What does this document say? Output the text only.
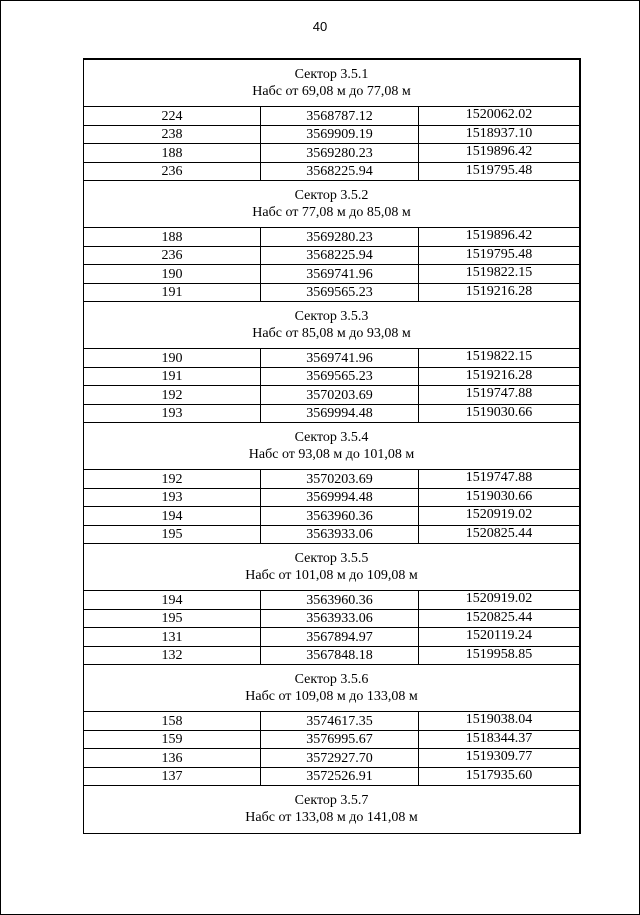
40
Сектор 3.5.1
Набс от 69,08 м до 77,08 м
224	3568787.12	1520062.02
238	3569909.19	1518937.10
188	3569280.23	1519896.42
236	3568225.94	1519795.48
Сектор 3.5.2
Набс от 77,08 м до 85,08 м
188	3569280.23	1519896.42
236	3568225.94	1519795.48
190	3569741.96	1519822.15
191	3569565.23	1519216.28
Сектор 3.5.3
Набс от 85,08 м до 93,08 м
190	3569741.96	1519822.15
191	3569565.23	1519216.28
192	3570203.69	1519747.88
193	3569994.48	1519030.66
Сектор 3.5.4
Набс от 93,08 м до 101,08 м
192	3570203.69	1519747.88
193	3569994.48	1519030.66
194	3563960.36	1520919.02
195	3563933.06	1520825.44
Сектор 3.5.5
Набс от 101,08 м до 109,08 м
194	3563960.36	1520919.02
195	3563933.06	1520825.44
131	3567894.97	1520119.24
132	3567848.18	1519958.85
Сектор 3.5.6
Набс от 109,08 м до 133,08 м
158	3574617.35	1519038.04
159	3576995.67	1518344.37
136	3572927.70	1519309.77
137	3572526.91	1517935.60
Сектор 3.5.7
Набс от 133,08 м до 141,08 м
